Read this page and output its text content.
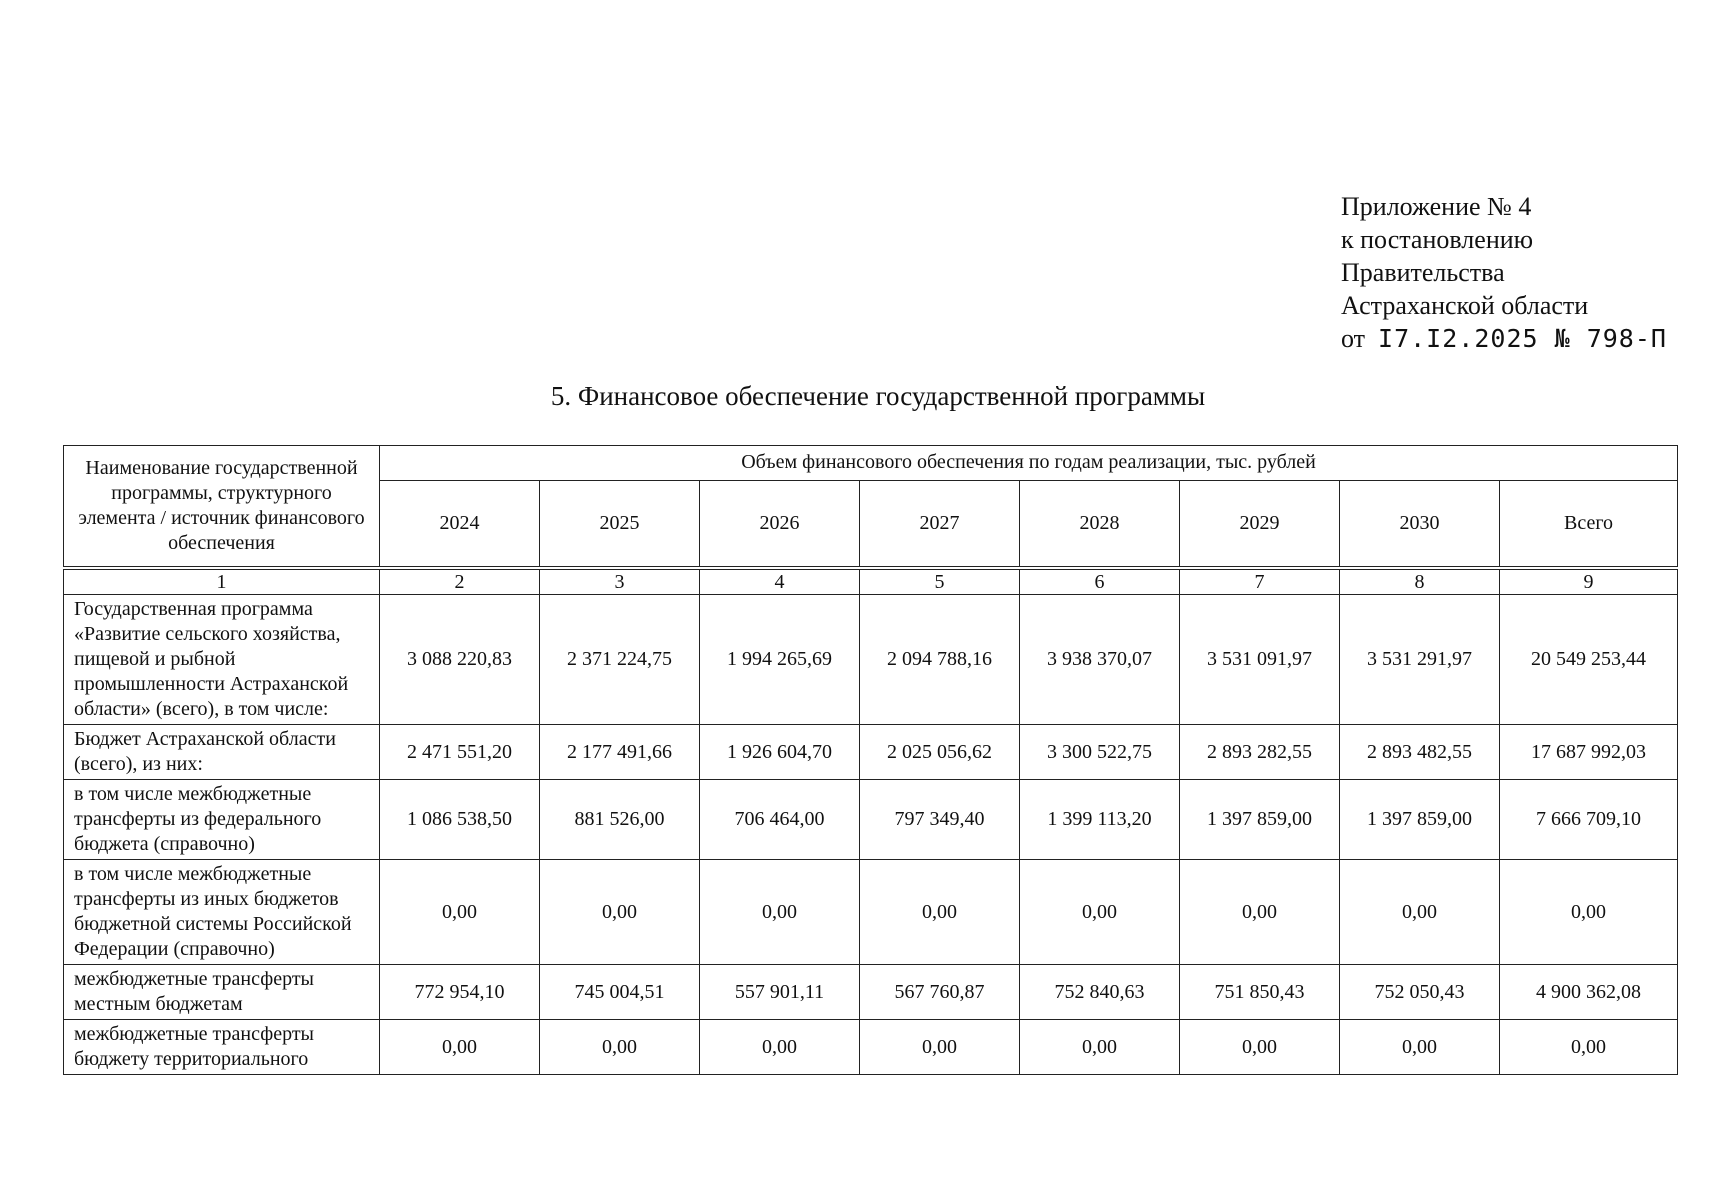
Приложение № 4
к постановлению
Правительства
Астраханской области
от I7.I2.2025 № 798-П
5. Финансовое обеспечение государственной программы
Наименование государственной программы, структурного элемента / источник финансового обеспечения	Объем финансового обеспечения по годам реализации, тыс. рублей							
	2024	2025	2026	2027	2028	2029	2030	Всего
1	2	3	4	5	6	7	8	9
Государственная программа «Развитие сельского хозяйства, пищевой и рыбной промышленности Астраханской области» (всего), в том числе:	3 088 220,83	2 371 224,75	1 994 265,69	2 094 788,16	3 938 370,07	3 531 091,97	3 531 291,97	20 549 253,44
Бюджет Астраханской области (всего), из них:	2 471 551,20	2 177 491,66	1 926 604,70	2 025 056,62	3 300 522,75	2 893 282,55	2 893 482,55	17 687 992,03
в том числе межбюджетные трансферты из федерального бюджета (справочно)	1 086 538,50	881 526,00	706 464,00	797 349,40	1 399 113,20	1 397 859,00	1 397 859,00	7 666 709,10
в том числе межбюджетные трансферты из иных бюджетов бюджетной системы Российской Федерации (справочно)	0,00	0,00	0,00	0,00	0,00	0,00	0,00	0,00
межбюджетные трансферты местным бюджетам	772 954,10	745 004,51	557 901,11	567 760,87	752 840,63	751 850,43	752 050,43	4 900 362,08
межбюджетные трансферты бюджету территориального	0,00	0,00	0,00	0,00	0,00	0,00	0,00	0,00
